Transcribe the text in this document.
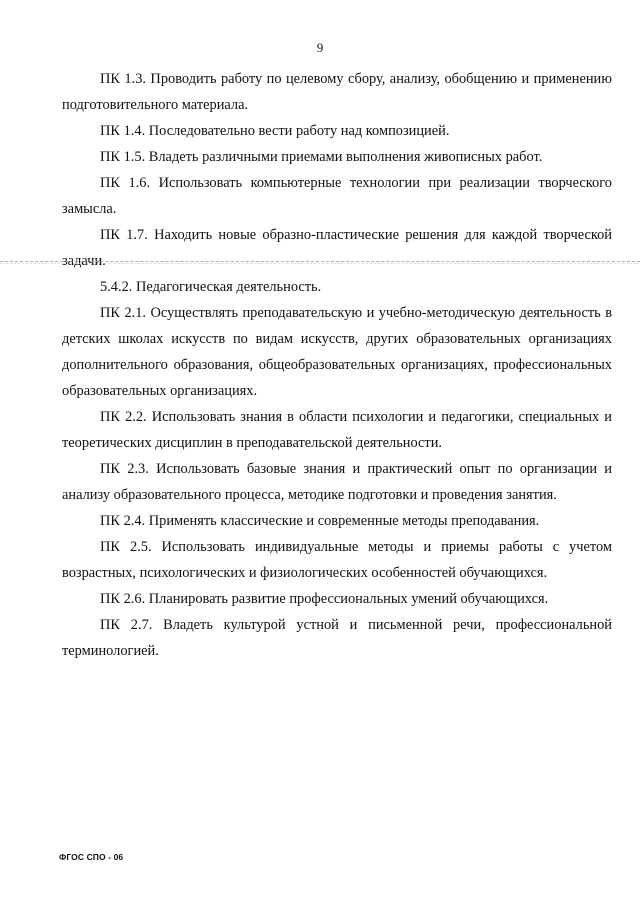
9

ПК 1.3. Проводить работу по целевому сбору, анализу, обобщению и применению подготовительного материала.

ПК 1.4. Последовательно вести работу над композицией.

ПК 1.5. Владеть различными приемами выполнения живописных работ.

ПК 1.6. Использовать компьютерные технологии при реализации творческого замысла.

ПК 1.7. Находить новые образно-пластические решения для каждой творческой задачи.

5.4.2. Педагогическая деятельность.

ПК 2.1. Осуществлять преподавательскую и учебно-методическую деятельность в детских школах искусств по видам искусств, других образовательных организациях дополнительного образования, общеобразовательных организациях, профессиональных образовательных организациях.

ПК 2.2. Использовать знания в области психологии и педагогики, специальных и теоретических дисциплин в преподавательской деятельности.

ПК 2.3. Использовать базовые знания и практический опыт по организации и анализу образовательного процесса, методике подготовки и проведения занятия.

ПК 2.4. Применять классические и современные методы преподавания.

ПК 2.5. Использовать индивидуальные методы и приемы работы с учетом возрастных, психологических и физиологических особенностей обучающихся.

ПК 2.6. Планировать развитие профессиональных умений обучающихся.

ПК 2.7. Владеть культурой устной и письменной речи, профессиональной терминологией.

ФГОС СПО - 06
